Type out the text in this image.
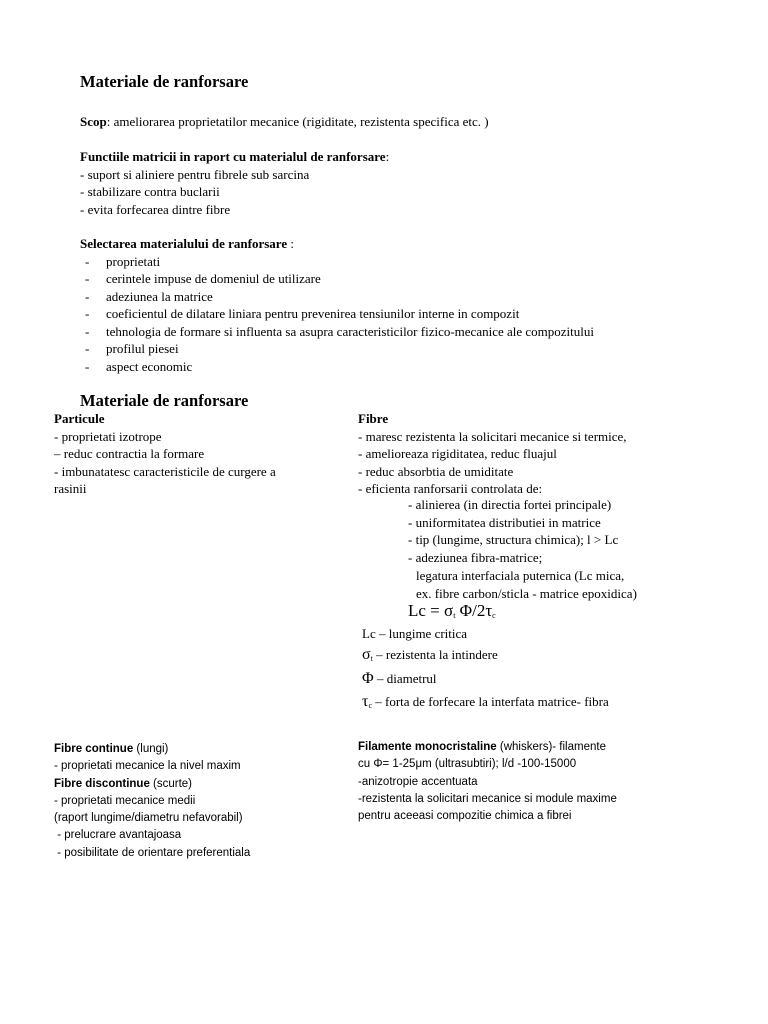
Materiale de ranforsare
Scop: ameliorarea proprietatilor mecanice (rigiditate, rezistenta specifica etc. )
Functiile matricii in raport cu materialul de ranforsare:
- suport si aliniere pentru fibrele sub sarcina
- stabilizare contra buclarii
- evita forfecarea dintre fibre
Selectarea materialului de ranforsare :
- proprietati
- cerintele impuse de domeniul de utilizare
- adeziunea la matrice
- coeficientul de dilatare liniara pentru prevenirea tensiunilor interne in compozit
- tehnologia de formare si influenta sa asupra caracteristicilor fizico-mecanice ale compozitului
- profilul piesei
- aspect economic
Materiale de ranforsare
Particule
- proprietati izotrope
– reduc contractia la formare
- imbunatatesc caracteristicile de curgere a
rasinii
Fibre
- maresc rezistenta la solicitari mecanice si termice,
- amelioreaza rigiditatea, reduc fluajul
- reduc absorbtia de umiditate
- eficienta ranforsarii controlata de:
- alinierea (in directia fortei principale)
- uniformitatea distributiei in matrice
- tip (lungime, structura chimica); l > Lc
- adeziunea fibra-matrice;
legatura interfaciala puternica (Lc mica,
ex. fibre carbon/sticla - matrice epoxidica)
$Lc = \sigma_t$ $\Phi/2\tau_c$
Lc – lungime critica
$\sigma_t$ – rezistenta la intindere
Φ – diametrul
$\tau_c$ – forta de forfecare la interfata matrice- fibra
Fibre continue (lungi)
- proprietati mecanice la nivel maxim
Fibre discontinue (scurte)
- proprietati mecanice medii
(raport lungime/diametru nefavorabil)
- prelucrare avantajoasa
- posibilitate de orientare preferentiala
Filamente monocristaline (whiskers)- filamente
cu Φ= 1-25μm (ultrasubtiri); l/d -100-15000
-anizotropie accentuata
-rezistenta la solicitari mecanice si module maxime
pentru aceeasi compozitie chimica a fibrei
